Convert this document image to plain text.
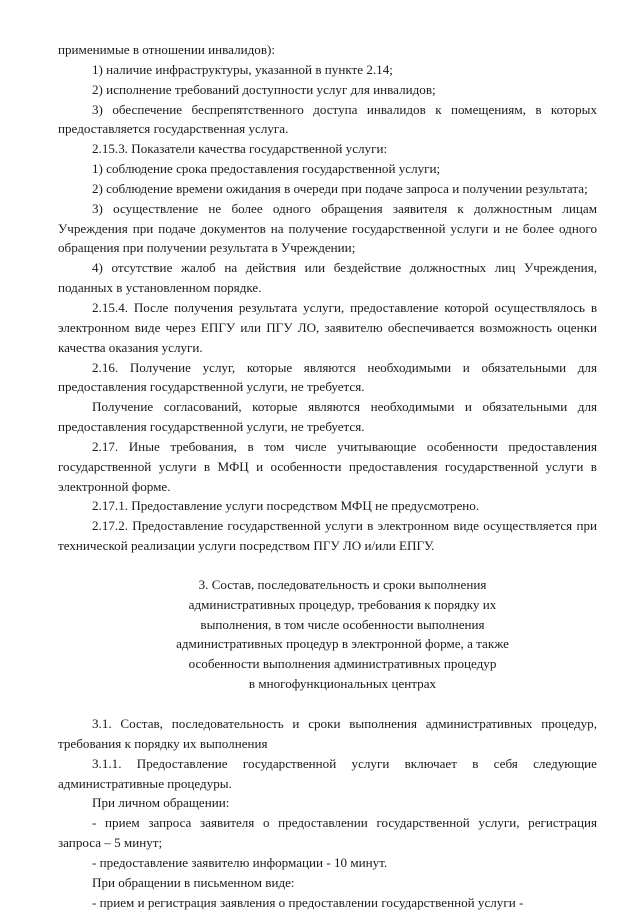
применимые в отношении инвалидов):

1) наличие инфраструктуры, указанной в пункте 2.14;

2) исполнение требований доступности услуг для инвалидов;

3) обеспечение беспрепятственного доступа инвалидов к помещениям, в которых предоставляется государственная услуга.

2.15.3. Показатели качества государственной услуги:

1) соблюдение срока предоставления государственной услуги;

2) соблюдение времени ожидания в очереди при подаче запроса и получении результата;

3) осуществление не более одного обращения заявителя к должностным лицам Учреждения при подаче документов на получение государственной услуги и не более одного обращения при получении результата в Учреждении;

4) отсутствие жалоб на действия или бездействие должностных лиц Учреждения, поданных в установленном порядке.

2.15.4. После получения результата услуги, предоставление которой осуществлялось в электронном виде через ЕПГУ или ПГУ ЛО, заявителю обеспечивается возможность оценки качества оказания услуги.

2.16. Получение услуг, которые являются необходимыми и обязательными для предоставления государственной услуги, не требуется.

Получение согласований, которые являются необходимыми и обязательными для предоставления государственной услуги, не требуется.

2.17. Иные требования, в том числе учитывающие особенности предоставления государственной услуги в МФЦ и особенности предоставления государственной услуги в электронной форме.

2.17.1. Предоставление услуги посредством МФЦ не предусмотрено.

2.17.2. Предоставление государственной услуги в электронном виде осуществляется при технической реализации услуги посредством ПГУ ЛО и/или ЕПГУ.

3. Состав, последовательность и сроки выполнения

административных процедур, требования к порядку их

выполнения, в том числе особенности выполнения

административных процедур в электронной форме, а также

особенности выполнения административных процедур

в многофункциональных центрах

3.1. Состав, последовательность и сроки выполнения административных процедур, требования к порядку их выполнения

3.1.1. Предоставление государственной услуги включает в себя следующие административные процедуры.

При личном обращении:

- прием запроса заявителя о предоставлении государственной услуги, регистрация запроса – 5 минут;

- предоставление заявителю информации - 10 минут.

При обращении в письменном виде:

- прием и регистрация заявления о предоставлении государственной услуги -
